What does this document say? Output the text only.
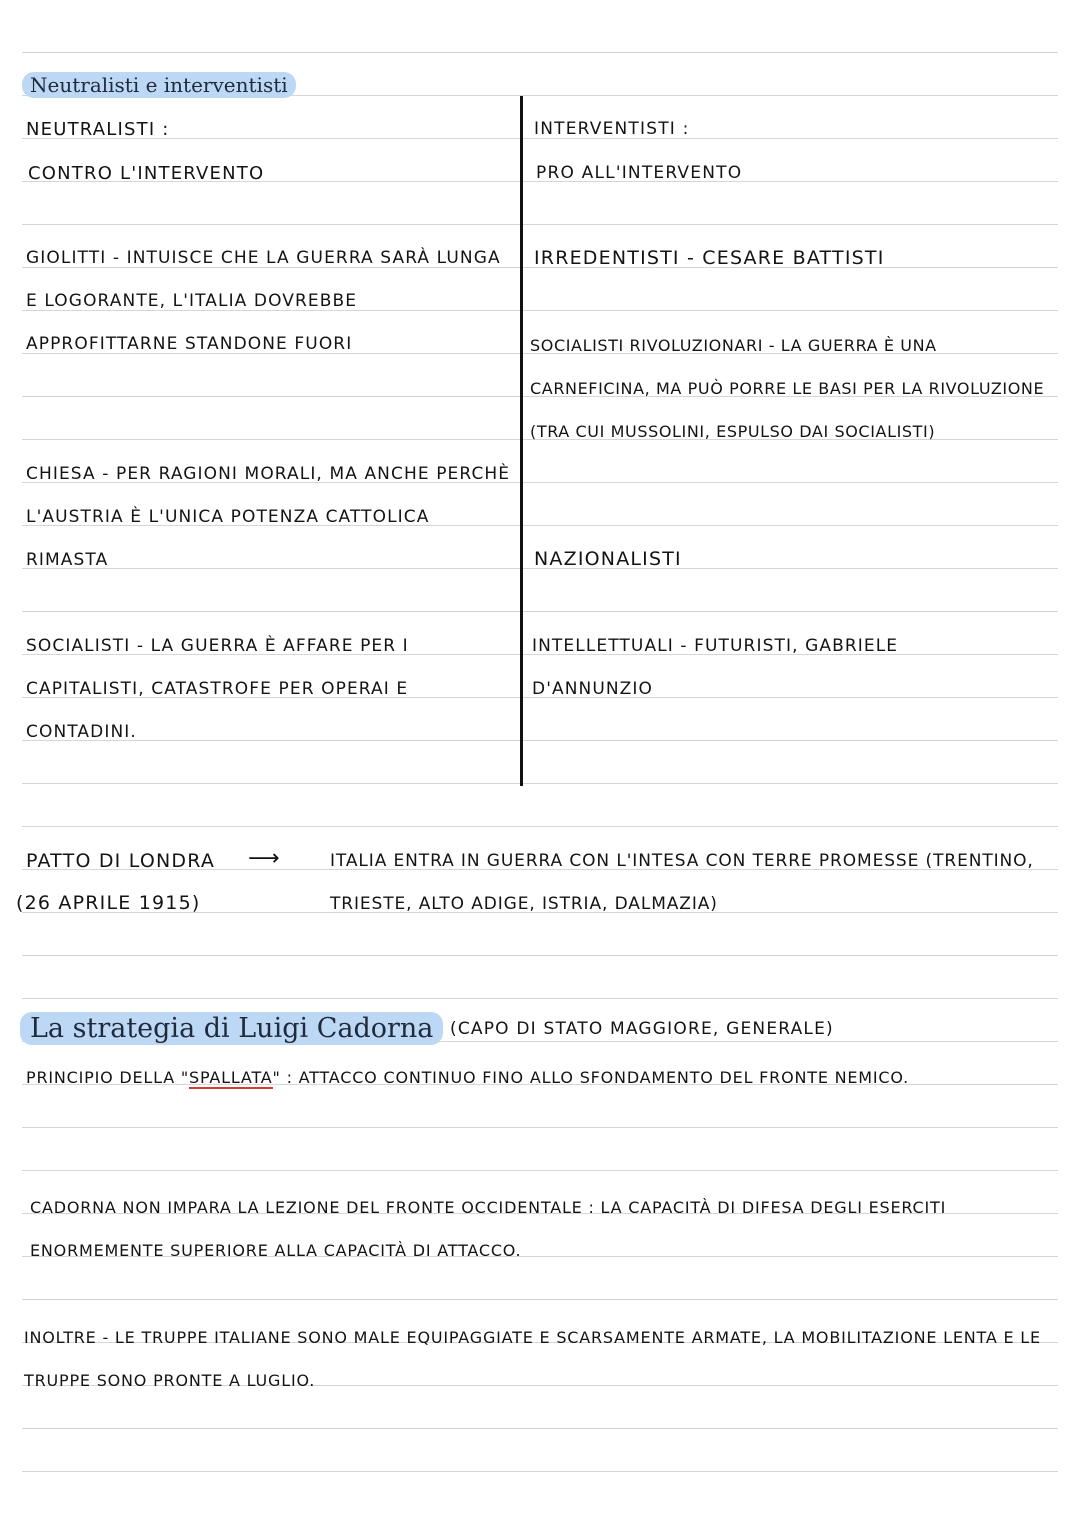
Neutralisti e interventisti
NEUTRALISTI :
CONTRO L'INTERVENTO
GIOLITTI - INTUISCE CHE LA GUERRA SARÀ LUNGA E LOGORANTE, L'ITALIA DOVREBBE APPROFITTARNE STANDONE FUORI
CHIESA - PER RAGIONI MORALI, MA ANCHE PERCHÈ L'AUSTRIA È L'UNICA POTENZA CATTOLICA RIMASTA
SOCIALISTI - LA GUERRA È AFFARE PER I CAPITALISTI, CATASTROFE PER OPERAI E CONTADINI.
INTERVENTISTI :
PRO ALL'INTERVENTO
IRREDENTISTI - CESARE BATTISTI
SOCIALISTI RIVOLUZIONARI - LA GUERRA È UNA CARNEFICINA, MA PUÒ PORRE LE BASI PER LA RIVOLUZIONE (TRA CUI MUSSOLINI, ESPULSO DAI SOCIALISTI)
NAZIONALISTI
INTELLETTUALI - FUTURISTI, GABRIELE D'ANNUNZIO
PATTO DI LONDRA
(26 APRILE 1915)
⟶	ITALIA ENTRA IN GUERRA CON L'INTESA CON TERRE PROMESSE (TRENTINO, TRIESTE, ALTO ADIGE, ISTRIA, DALMAZIA)
La strategia di Luigi Cadorna (CAPO DI STATO MAGGIORE, GENERALE)
PRINCIPIO DELLA "SPALLATA" : ATTACCO CONTINUO FINO ALLO SFONDAMENTO DEL FRONTE NEMICO.
CADORNA NON IMPARA LA LEZIONE DEL FRONTE OCCIDENTALE : LA CAPACITÀ DI DIFESA DEGLI ESERCITI ENORMEMENTE SUPERIORE ALLA CAPACITÀ DI ATTACCO.
INOLTRE - LE TRUPPE ITALIANE SONO MALE EQUIPAGGIATE E SCARSAMENTE ARMATE, LA MOBILITAZIONE LENTA E LE TRUPPE SONO PRONTE A LUGLIO.
